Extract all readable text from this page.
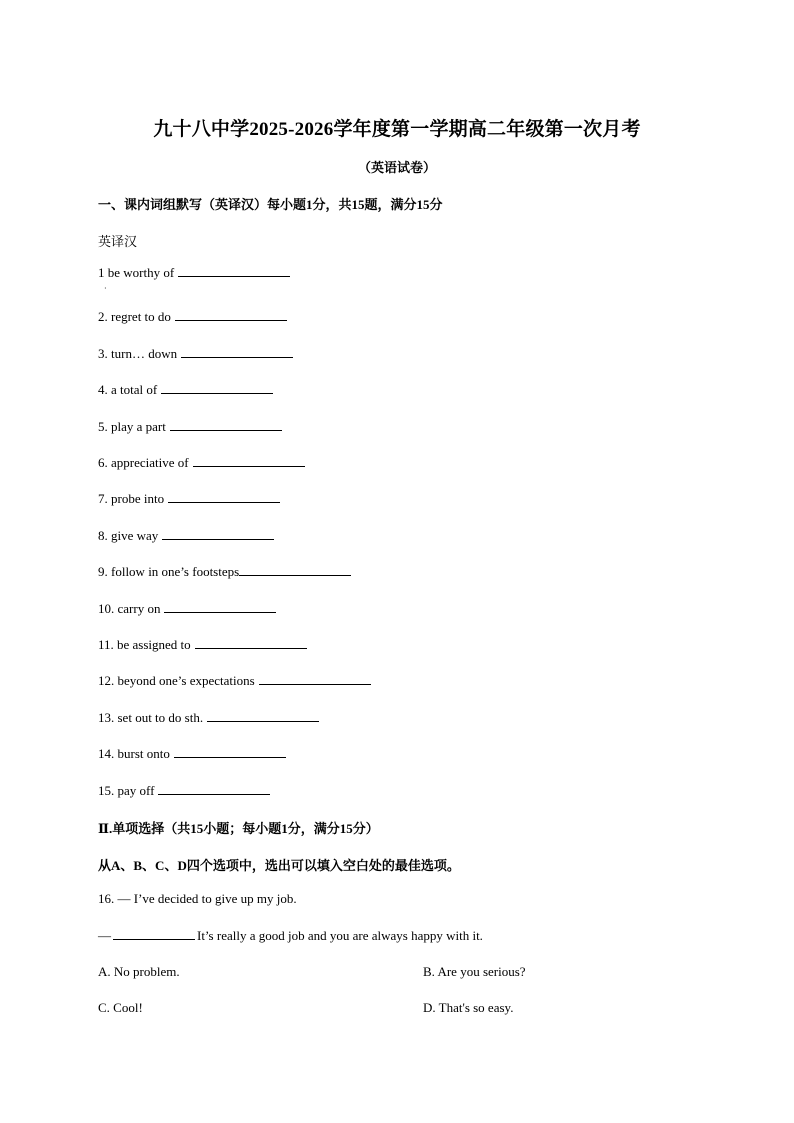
九十八中学2025-2026学年度第一学期高二年级第一次月考
（英语试卷）
一、课内词组默写（英译汉）每小题1分，共15题，满分15分
英译汉
1 be worthy of
·
2. regret to do
3. turn… down
4. a total of
5. play a part
6. appreciative of
7. probe into
8. give way
9. follow in one’s footsteps
10. carry on
11. be assigned to
12. beyond one’s expectations
13. set out to do sth.
14. burst onto
15. pay off
Ⅱ.单项选择（共15小题；每小题1分，满分15分）
从A、B、C、D四个选项中，选出可以填入空白处的最佳选项。
16. — I’ve decided to give up my job.
—	It’s really a good job and you are always happy with it.
A. No problem.	B. Are you serious?
C. Cool!	D. That's so easy.
